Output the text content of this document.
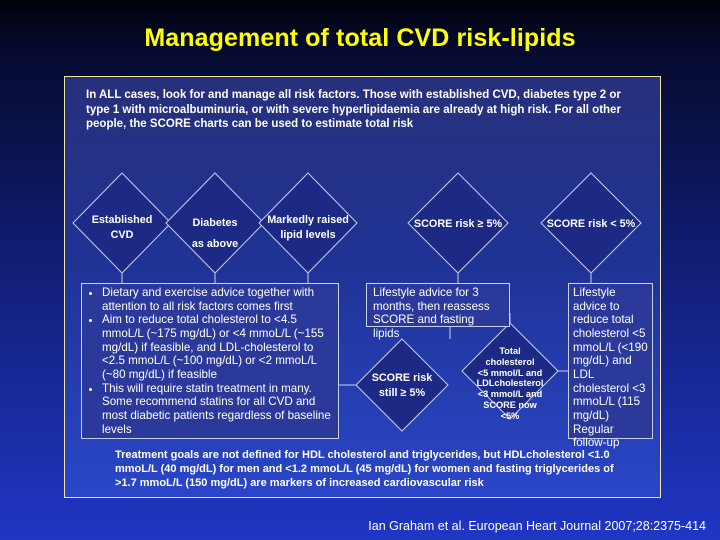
Management of total CVD risk-lipids
In ALL cases, look for and manage all risk factors. Those with established CVD, diabetes type 2 or type 1 with microalbuminuria, or with severe hyperlipidaemia are already at high risk. For all other people, the SCORE charts can be used to estimate total risk
Established
CVD
Diabetes
as above
Markedly raised
lipid levels
SCORE risk ≥ 5%	SCORE risk < 5%
SCORE risk
still ≥ 5%
Total
cholesterol
<5 mmol/L and
LDLcholesterol
<3 mmol/L and
SCORE now
<5%
• Dietary and exercise advice together with attention to all risk factors comes first
• Aim to reduce total cholesterol to <4.5 mmoL/L (~175 mg/dL) or <4 mmoL/L (~155 mg/dL) if feasible, and LDL-cholesterol to <2.5 mmoL/L (~100 mg/dL) or <2 mmoL/L (~80 mg/dL) if feasible
• This will require statin treatment in many. Some recommend statins for all CVD and most diabetic patients regardless of baseline levels
Lifestyle advice for 3 months, then reassess SCORE and fasting lipids
Lifestyle advice to reduce total cholesterol <5 mmoL/L (<190 mg/dL) and LDL cholesterol <3 mmoL/L (115 mg/dL) Regular follow-up
Treatment goals are not defined for HDL cholesterol and triglycerides, but HDLcholesterol <1.0 mmoL/L (40 mg/dL) for men and <1.2 mmoL/L (45 mg/dL) for women and fasting triglycerides of >1.7 mmoL/L (150 mg/dL) are markers of increased cardiovascular risk
Ian Graham et al. European Heart Journal 2007;28:2375-414
